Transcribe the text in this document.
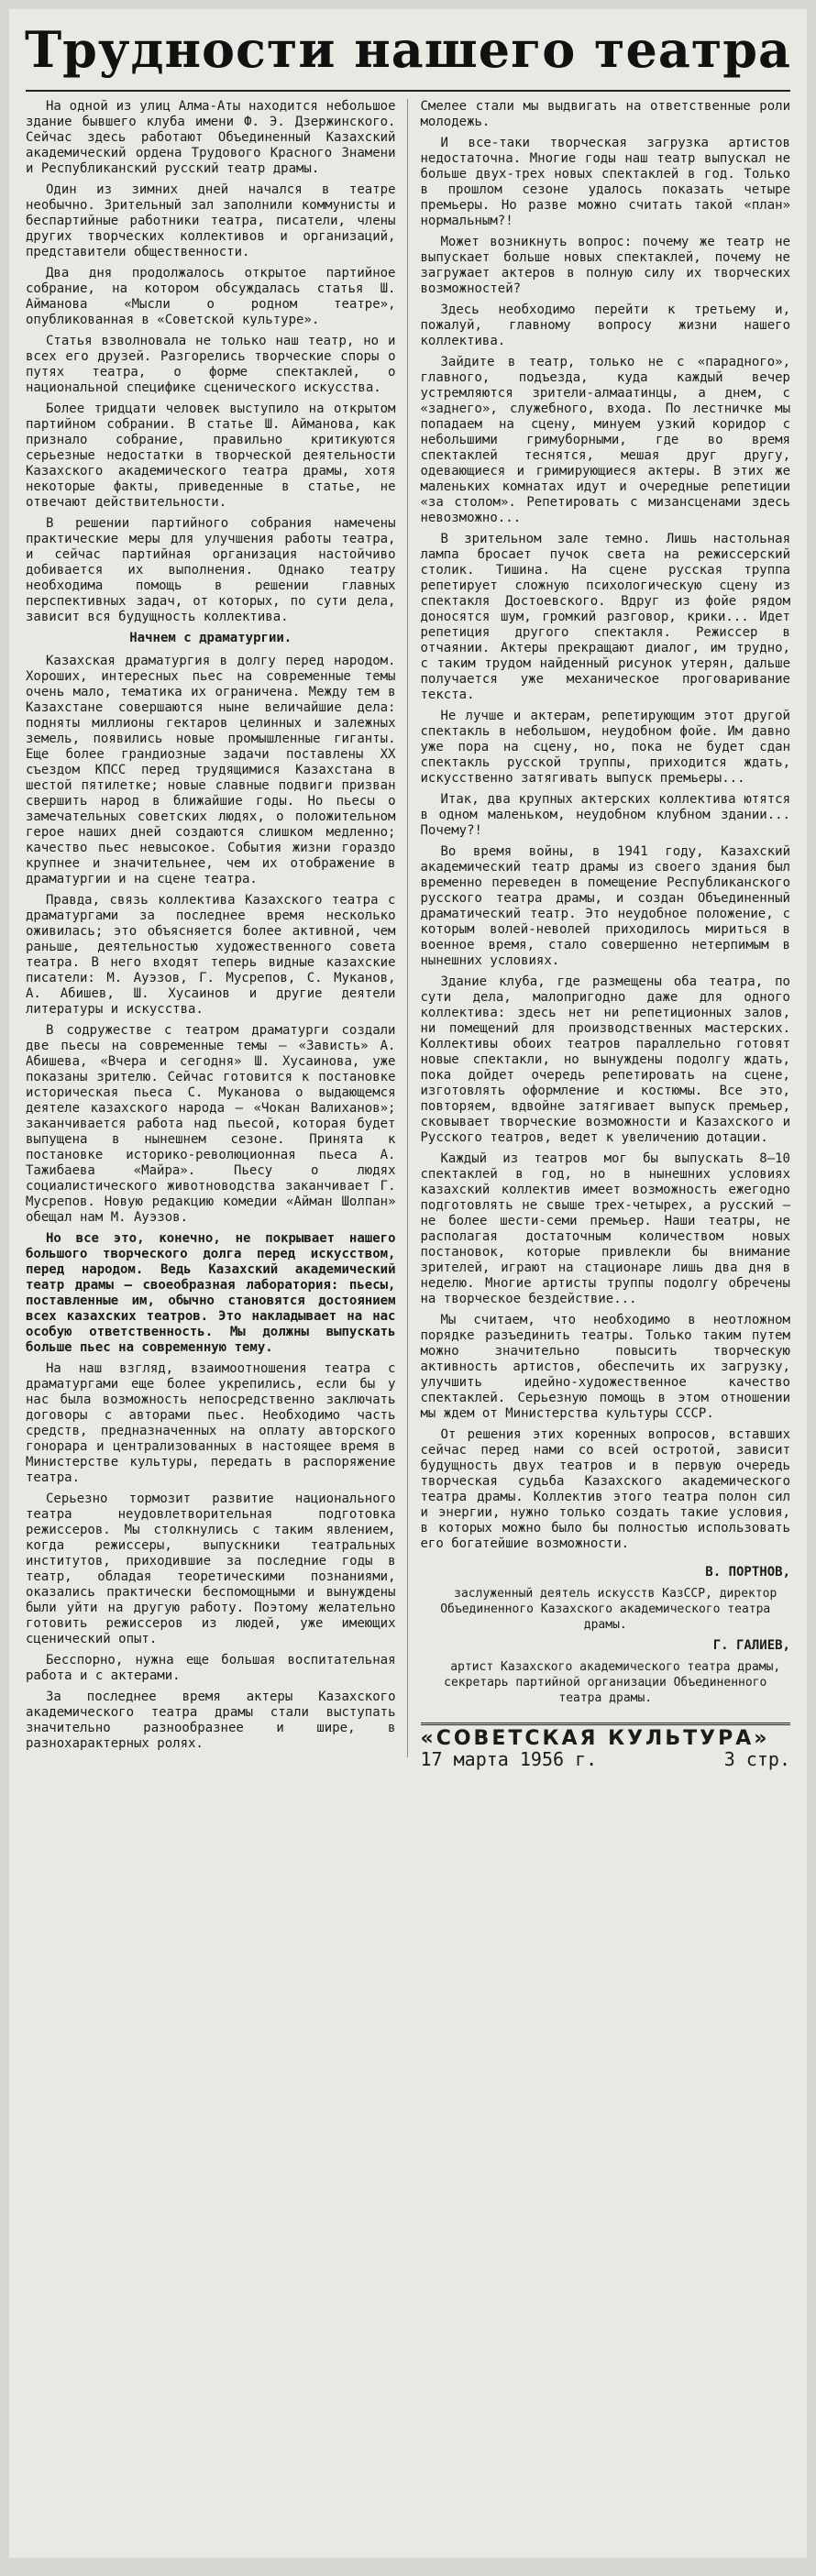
Трудности нашего театра

На одной из улиц Алма-Аты находится небольшое здание бывшего клуба имени Ф. Э. Дзержинского. Сейчас здесь работают Объединенный Казахский академический ордена Трудового Красного Знамени и Республиканский русский театр драмы.

Один из зимних дней начался в театре необычно. Зрительный зал заполнили коммунисты и беспартийные работники театра, писатели, члены других творческих коллективов и организаций, представители общественности.

Два дня продолжалось открытое партийное собрание, на котором обсуждалась статья Ш. Айманова «Мысли о родном театре», опубликованная в «Советской культуре».

Статья взволновала не только наш театр, но и всех его друзей. Разгорелись творческие споры о путях театра, о форме спектаклей, о национальной специфике сценического искусства.

Более тридцати человек выступило на открытом партийном собрании. В статье Ш. Айманова, как признало собрание, правильно критикуются серьезные недостатки в творческой деятельности Казахского академического театра драмы, хотя некоторые факты, приведенные в статье, не отвечают действительности.

В решении партийного собрания намечены практические меры для улучшения работы театра, и сейчас партийная организация настойчиво добивается их выполнения. Однако театру необходима помощь в решении главных перспективных задач, от которых, по сути дела, зависит вся будущность коллектива.

Начнем с драматургии.

Казахская драматургия в долгу перед народом. Хороших, интересных пьес на современные темы очень мало, тематика их ограничена. Между тем в Казахстане совершаются ныне величайшие дела: подняты миллионы гектаров целинных и залежных земель, появились новые промышленные гиганты. Еще более грандиозные задачи поставлены XX съездом КПСС перед трудящимися Казахстана в шестой пятилетке; новые славные подвиги призван свершить народ в ближайшие годы. Но пьесы о замечательных советских людях, о положительном герое наших дней создаются слишком медленно; качество пьес невысокое. События жизни гораздо крупнее и значительнее, чем их отображение в драматургии и на сцене театра.

Правда, связь коллектива Казахского театра с драматургами за последнее время несколько оживилась; это объясняется более активной, чем раньше, деятельностью художественного совета театра. В него входят теперь видные казахские писатели: М. Ауэзов, Г. Мусрепов, С. Муканов, А. Абишев, Ш. Хусаинов и другие деятели литературы и искусства.

В содружестве с театром драматурги создали две пьесы на современные темы — «Зависть» А. Абишева, «Вчера и сегодня» Ш. Хусаинова, уже показаны зрителю. Сейчас готовится к постановке историческая пьеса С. Муканова о выдающемся деятеле казахского народа — «Чокан Валиханов»; заканчивается работа над пьесой, которая будет выпущена в нынешнем сезоне. Принята к постановке историко-революционная пьеса А. Тажибаева «Майра». Пьесу о людях социалистического животноводства заканчивает Г. Мусрепов. Новую редакцию комедии «Айман Шолпан» обещал нам М. Ауэзов.

Но все это, конечно, не покрывает нашего большого творческого долга перед искусством, перед народом. Ведь Казахский академический театр драмы — своеобразная лаборатория: пьесы, поставленные им, обычно становятся достоянием всех казахских театров. Это накладывает на нас особую ответственность. Мы должны выпускать больше пьес на современную тему.

На наш взгляд, взаимоотношения театра с драматургами еще более укрепились, если бы у нас была возможность непосредственно заключать договоры с авторами пьес. Необходимо часть средств, предназначенных на оплату авторского гонорара и централизованных в настоящее время в Министерстве культуры, передать в распоряжение театра.

Серьезно тормозит развитие национального театра неудовлетворительная подготовка режиссеров. Мы столкнулись с таким явлением, когда режиссеры, выпускники театральных институтов, приходившие за последние годы в театр, обладая теоретическими познаниями, оказались практически беспомощными и вынуждены были уйти на другую работу. Поэтому желательно готовить режиссеров из людей, уже имеющих сценический опыт.

Бесспорно, нужна еще большая воспитательная работа и с актерами.

За последнее время актеры Казахского академического театра драмы стали выступать значительно разнообразнее и шире, в разнохарактерных ролях.

Смелее стали мы выдвигать на ответственные роли молодежь.

И все-таки творческая загрузка артистов недостаточна. Многие годы наш театр выпускал не больше двух-трех новых спектаклей в год. Только в прошлом сезоне удалось показать четыре премьеры. Но разве можно считать такой «план» нормальным?!

Может возникнуть вопрос: почему же театр не выпускает больше новых спектаклей, почему не загружает актеров в полную силу их творческих возможностей?

Здесь необходимо перейти к третьему и, пожалуй, главному вопросу жизни нашего коллектива.

Зайдите в театр, только не с «парадного», главного, подъезда, куда каждый вечер устремляются зрители-алмаатинцы, а днем, с «заднего», служебного, входа. По лестничке мы попадаем на сцену, минуем узкий коридор с небольшими гримуборными, где во время спектаклей теснятся, мешая друг другу, одевающиеся и гримирующиеся актеры. В этих же маленьких комнатах идут и очередные репетиции «за столом». Репетировать с мизансценами здесь невозможно...

В зрительном зале темно. Лишь настольная лампа бросает пучок света на режиссерский столик. Тишина. На сцене русская труппа репетирует сложную психологическую сцену из спектакля Достоевского. Вдруг из фойе рядом доносятся шум, громкий разговор, крики... Идет репетиция другого спектакля. Режиссер в отчаянии. Актеры прекращают диалог, им трудно, с таким трудом найденный рисунок утерян, дальше получается уже механическое проговаривание текста.

Не лучше и актерам, репетирующим этот другой спектакль в небольшом, неудобном фойе. Им давно уже пора на сцену, но, пока не будет сдан спектакль русской труппы, приходится ждать, искусственно затягивать выпуск премьеры...

Итак, два крупных актерских коллектива ютятся в одном маленьком, неудобном клубном здании... Почему?!

Во время войны, в 1941 году, Казахский академический театр драмы из своего здания был временно переведен в помещение Республиканского русского театра драмы, и создан Объединенный драматический театр. Это неудобное положение, с которым волей-неволей приходилось мириться в военное время, стало совершенно нетерпимым в нынешних условиях.

Здание клуба, где размещены оба театра, по сути дела, малопригодно даже для одного коллектива: здесь нет ни репетиционных залов, ни помещений для производственных мастерских. Коллективы обоих театров параллельно готовят новые спектакли, но вынуждены подолгу ждать, пока дойдет очередь репетировать на сцене, изготовлять оформление и костюмы. Все это, повторяем, вдвойне затягивает выпуск премьер, сковывает творческие возможности и Казахского и Русского театров, ведет к увеличению дотации.

Каждый из театров мог бы выпускать 8—10 спектаклей в год, но в нынешних условиях казахский коллектив имеет возможность ежегодно подготовлять не свыше трех-четырех, а русский — не более шести-семи премьер. Наши театры, не располагая достаточным количеством новых постановок, которые привлекли бы внимание зрителей, играют на стационаре лишь два дня в неделю. Многие артисты труппы подолгу обречены на творческое бездействие...

Мы считаем, что необходимо в неотложном порядке разъединить театры. Только таким путем можно значительно повысить творческую активность артистов, обеспечить их загрузку, улучшить идейно-художественное качество спектаклей. Серьезную помощь в этом отношении мы ждем от Министерства культуры СССР.

От решения этих коренных вопросов, вставших сейчас перед нами со всей остротой, зависит будущность двух театров и в первую очередь творческая судьба Казахского академического театра драмы. Коллектив этого театра полон сил и энергии, нужно только создать такие условия, в которых можно было бы полностью использовать его богатейшие возможности.

В. ПОРТНОВ,

заслуженный деятель искусств КазССР, директор Объединенного Казахского академического театра драмы.

Г. ГАЛИЕВ,

артист Казахского академического театра драмы, секретарь партийной организации Объединенного театра драмы.

«СОВЕТСКАЯ КУЛЬТУРА»
17 марта 1956 г.	3 стр.
